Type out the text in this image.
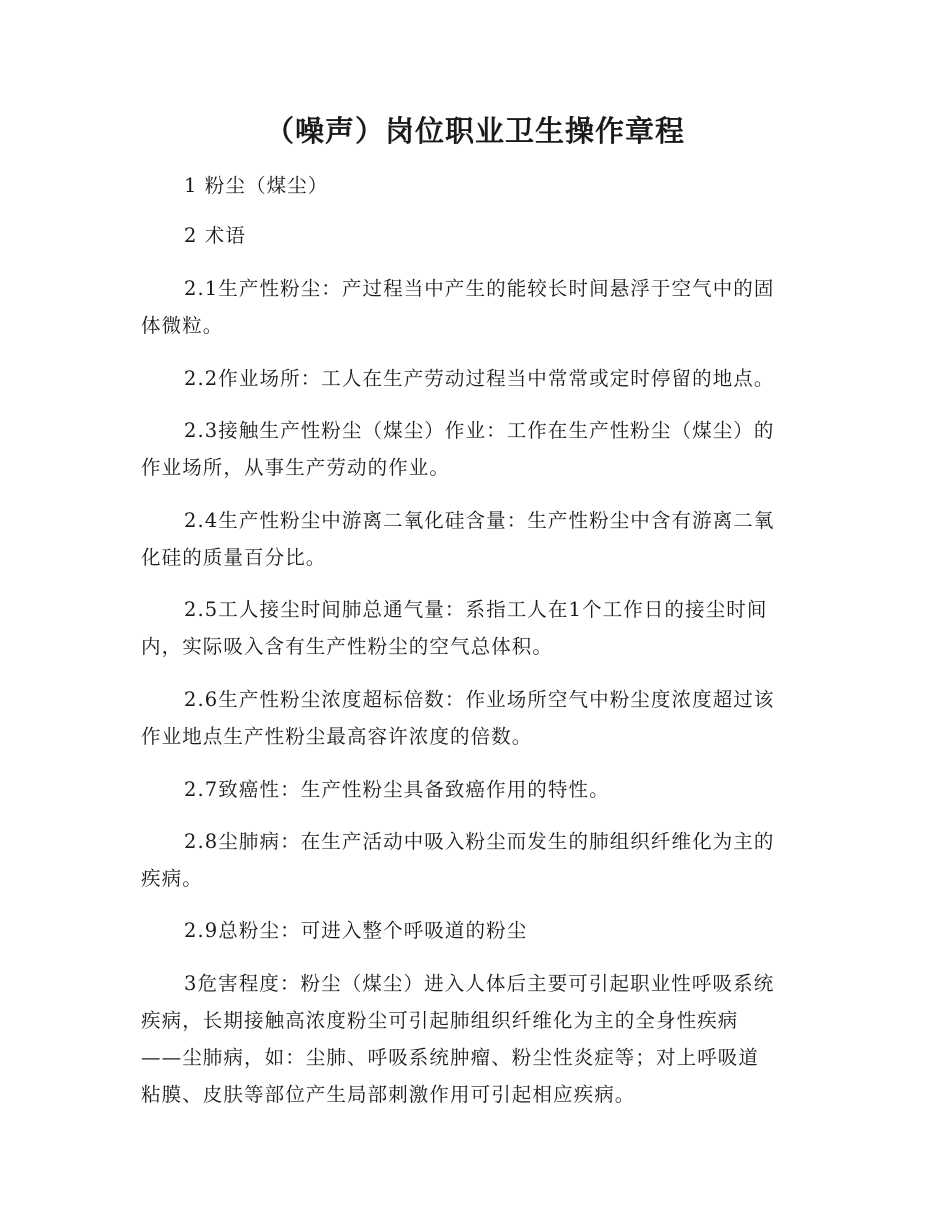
（噪声）岗位职业卫生操作章程

1 粉尘（煤尘）

2 术语

2.1生产性粉尘：产过程当中产生的能较长时间悬浮于空气中的固
体微粒。

2.2作业场所：工人在生产劳动过程当中常常或定时停留的地点。

2.3接触生产性粉尘（煤尘）作业：工作在生产性粉尘（煤尘）的
作业场所，从事生产劳动的作业。

2.4生产性粉尘中游离二氧化硅含量：生产性粉尘中含有游离二氧
化硅的质量百分比。

2.5工人接尘时间肺总通气量：系指工人在1个工作日的接尘时间
内，实际吸入含有生产性粉尘的空气总体积。

2.6生产性粉尘浓度超标倍数：作业场所空气中粉尘度浓度超过该
作业地点生产性粉尘最高容许浓度的倍数。

2.7致癌性：生产性粉尘具备致癌作用的特性。

2.8尘肺病：在生产活动中吸入粉尘而发生的肺组织纤维化为主的
疾病。

2.9总粉尘：可进入整个呼吸道的粉尘

3危害程度：粉尘（煤尘）进入人体后主要可引起职业性呼吸系统
疾病，长期接触高浓度粉尘可引起肺组织纤维化为主的全身性疾病
——尘肺病，如：尘肺、呼吸系统肿瘤、粉尘性炎症等；对上呼吸道
粘膜、皮肤等部位产生局部刺激作用可引起相应疾病。
